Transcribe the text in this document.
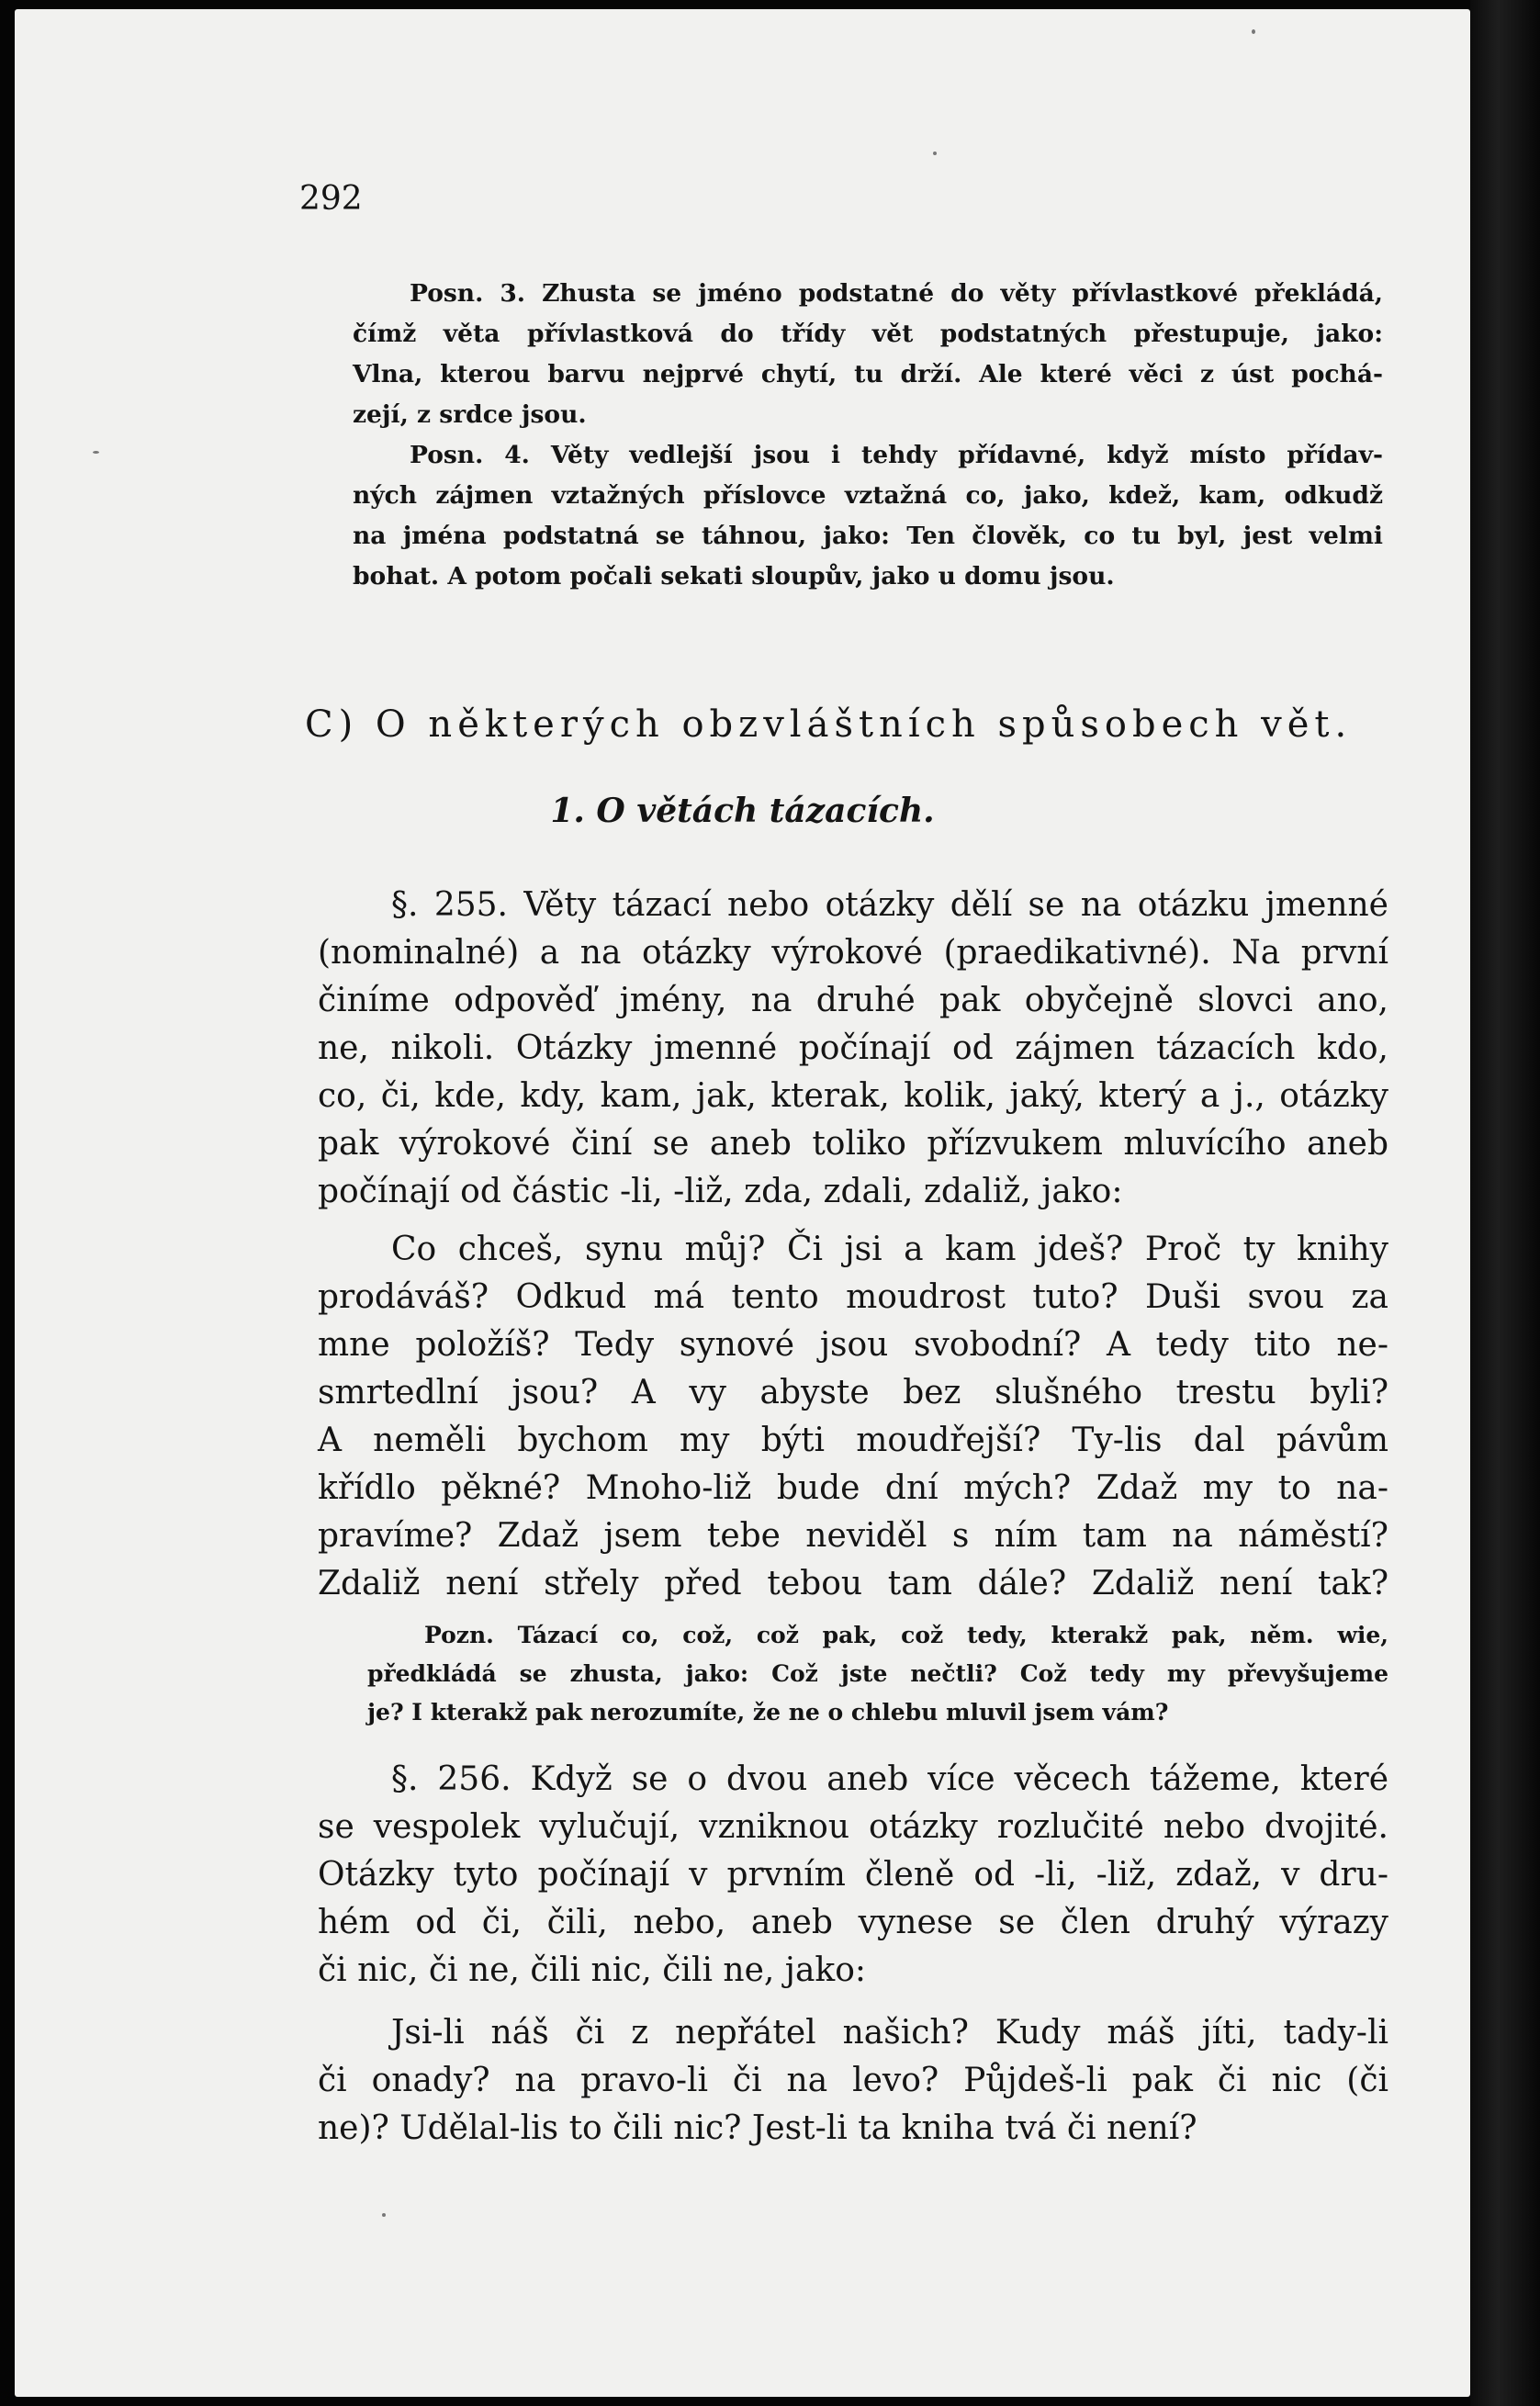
292
Posn. 3. Zhusta se jméno podstatné do věty přívlastkové překládá,
čímž věta přívlastková do třídy vět podstatných přestupuje, jako:
Vlna, kterou barvu nejprvé chytí, tu drží. Ale které věci z úst pochá-
zejí, z srdce jsou.
Posn. 4. Věty vedlejší jsou i tehdy přídavné, když místo přídav-
ných zájmen vztažných příslovce vztažná co, jako, kdež, kam, odkudž
na jména podstatná se táhnou, jako: Ten člověk, co tu byl, jest velmi
bohat. A potom počali sekati sloupův, jako u domu jsou.
C) O některých obzvláštních spůsobech vět.
1. O větách tázacích.
§. 255. Věty tázací nebo otázky dělí se na otázku jmenné
(nominalné) a na otázky výrokové (praedikativné). Na první
činíme odpověď jmény, na druhé pak obyčejně slovci ano,
ne, nikoli. Otázky jmenné počínají od zájmen tázacích kdo,
co, či, kde, kdy, kam, jak, kterak, kolik, jaký, který a j., otázky
pak výrokové činí se aneb toliko přízvukem mluvícího aneb
počínají od částic -li, -liž, zda, zdali, zdaliž, jako:
Co chceš, synu můj? Či jsi a kam jdeš? Proč ty knihy
prodáváš? Odkud má tento moudrost tuto? Duši svou za
mne položíš? Tedy synové jsou svobodní? A tedy tito ne-
smrtedlní jsou? A vy abyste bez slušného trestu byli?
A neměli bychom my býti moudřejší? Ty-lis dal pávům
křídlo pěkné? Mnoho-liž bude dní mých? Zdaž my to na-
pravíme? Zdaž jsem tebe neviděl s ním tam na náměstí?
Zdaliž není střely před tebou tam dále? Zdaliž není tak?
Pozn. Tázací co, což, což pak, což tedy, kterakž pak, něm. wie,
předkládá se zhusta, jako: Což jste nečtli? Což tedy my převyšujeme
je? I kterakž pak nerozumíte, že ne o chlebu mluvil jsem vám?
§. 256. Když se o dvou aneb více věcech tážeme, které
se vespolek vylučují, vzniknou otázky rozlučité nebo dvojité.
Otázky tyto počínají v prvním členě od -li, -liž, zdaž, v dru-
hém od či, čili, nebo, aneb vynese se člen druhý výrazy
či nic, či ne, čili nic, čili ne, jako:
Jsi-li náš či z nepřátel našich? Kudy máš jíti, tady-li
či onady? na pravo-li či na levo? Půjdeš-li pak či nic (či
ne)? Udělal-lis to čili nic? Jest-li ta kniha tvá či není?
